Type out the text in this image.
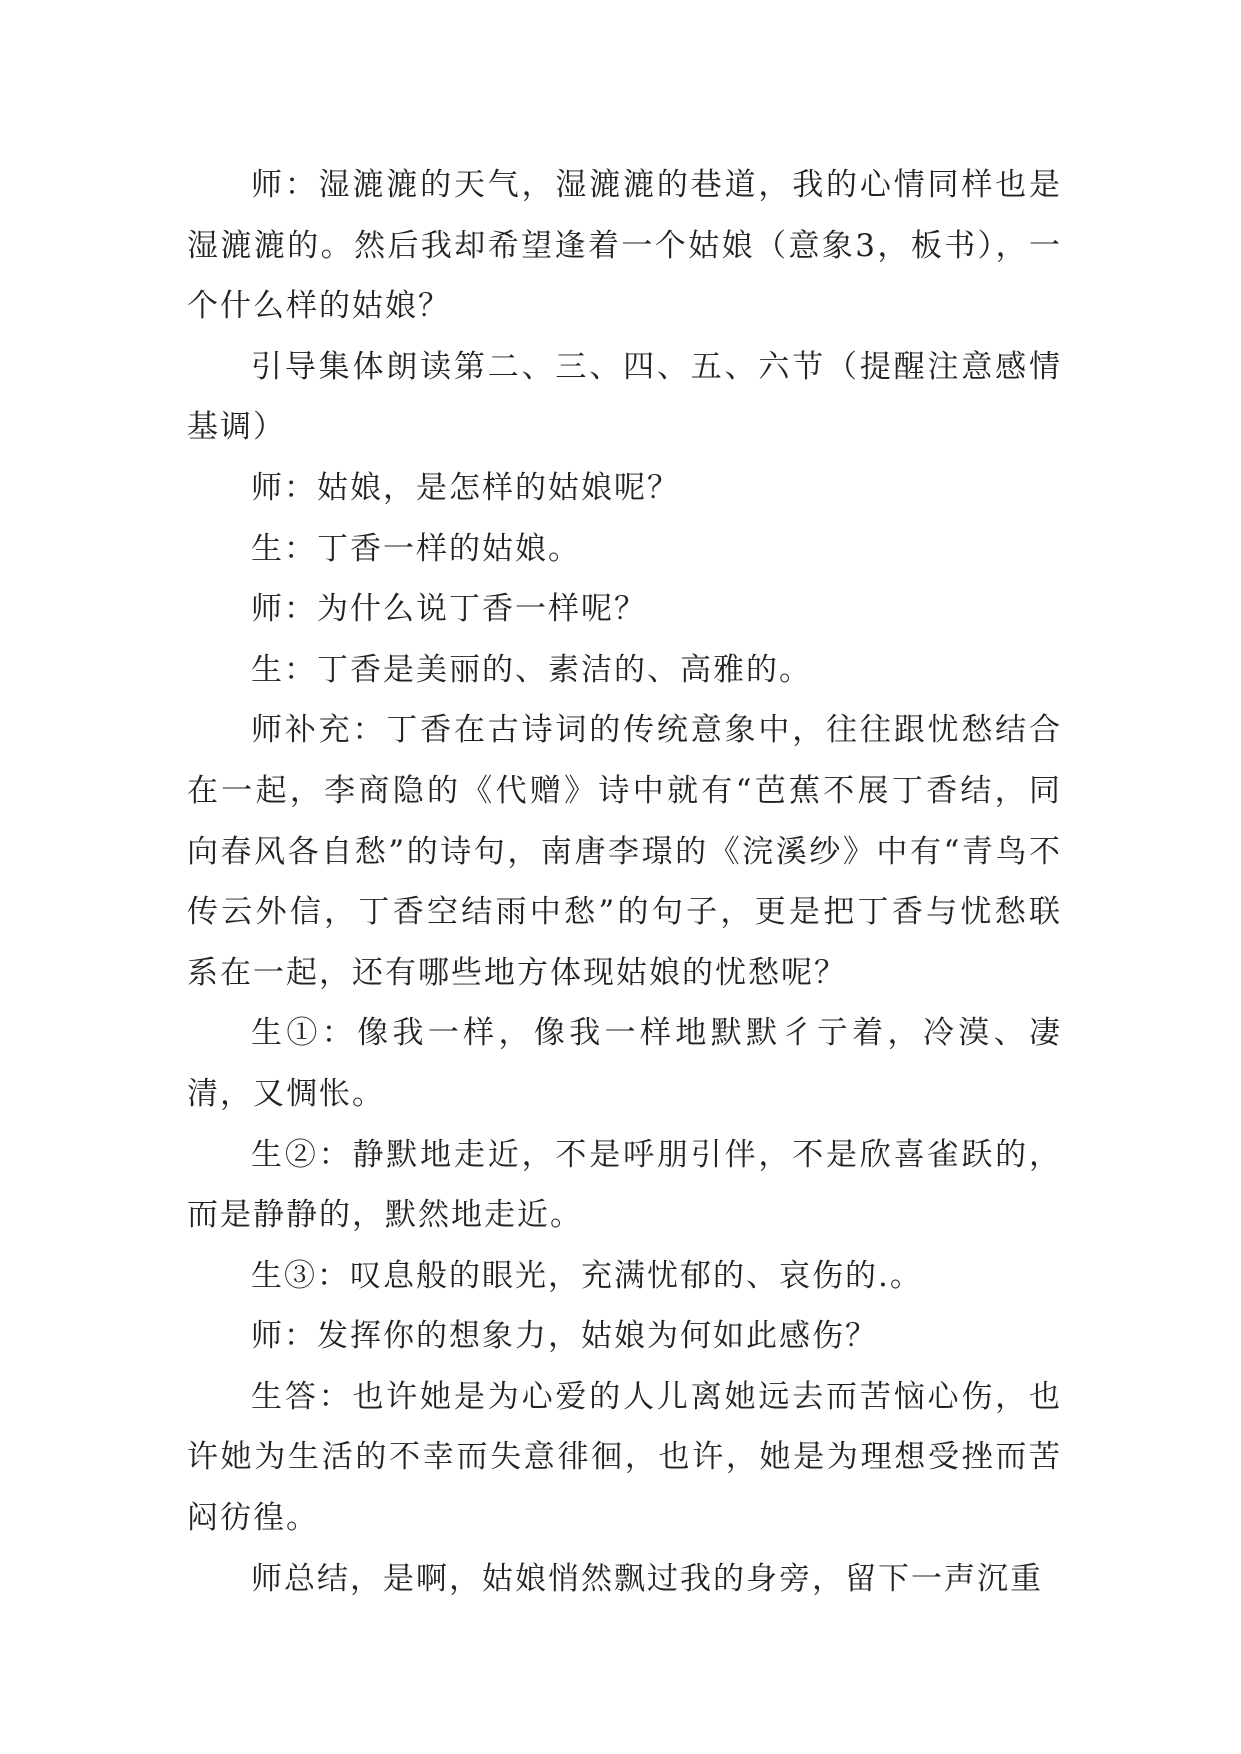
师：湿漉漉的天气，湿漉漉的巷道，我的心情同样也是湿漉漉的。然后我却希望逢着一个姑娘（意象3，板书），一个什么样的姑娘？

引导集体朗读第二、三、四、五、六节（提醒注意感情基调）

师：姑娘，是怎样的姑娘呢？

生：丁香一样的姑娘。

师：为什么说丁香一样呢？

生：丁香是美丽的、素洁的、高雅的。

师补充：丁香在古诗词的传统意象中，往往跟忧愁结合在一起，李商隐的《代赠》诗中就有“芭蕉不展丁香结，同向春风各自愁”的诗句，南唐李璟的《浣溪纱》中有“青鸟不传云外信，丁香空结雨中愁”的句子，更是把丁香与忧愁联系在一起，还有哪些地方体现姑娘的忧愁呢？

生①：像我一样，像我一样地默默彳亍着，冷漠、凄清，又惆怅。

生②：静默地走近，不是呼朋引伴，不是欣喜雀跃的，而是静静的，默然地走近。

生③：叹息般的眼光，充满忧郁的、哀伤的.。

师：发挥你的想象力，姑娘为何如此感伤？

生答：也许她是为心爱的人儿离她远去而苦恼心伤，也许她为生活的不幸而失意徘徊，也许，她是为理想受挫而苦闷彷徨。

师总结，是啊，姑娘悄然飘过我的身旁，留下一声沉重
